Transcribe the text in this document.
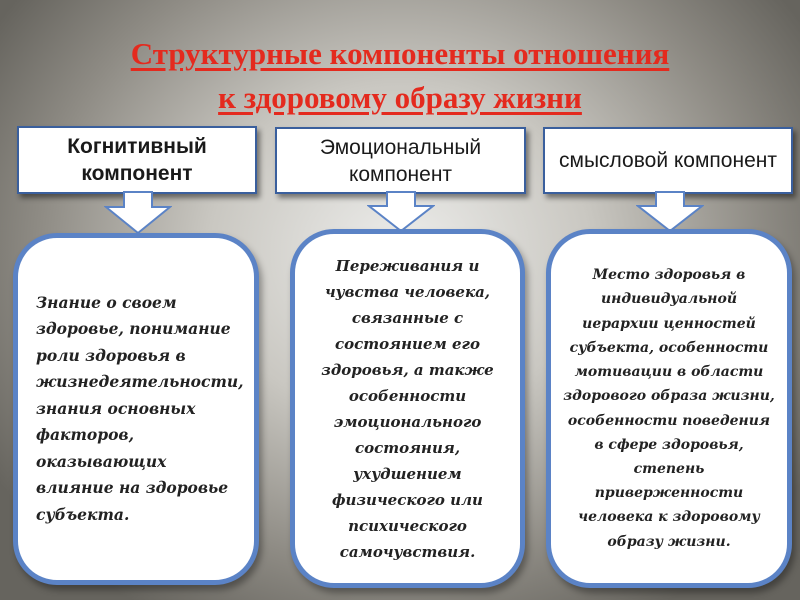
Структурные компоненты отношения
к здоровому образу жизни
Когнитивный компонент
Эмоциональный компонент
смысловой компонент
Знание о своем здоровье, понимание роли здоровья в жизнедеятельности, знания основных факторов, оказывающих влияние на здоровье субъекта.
Переживания и чувства человека, связанные с состоянием его здоровья, а также особенности эмоционального состояния, ухудшением физического или психического самочувствия.
Место здоровья в индивидуальной иерархии ценностей субъекта, особенности мотивации в области здорового образа жизни, особенности поведения в сфере здоровья, степень приверженности человека к здоровому образу жизни.
